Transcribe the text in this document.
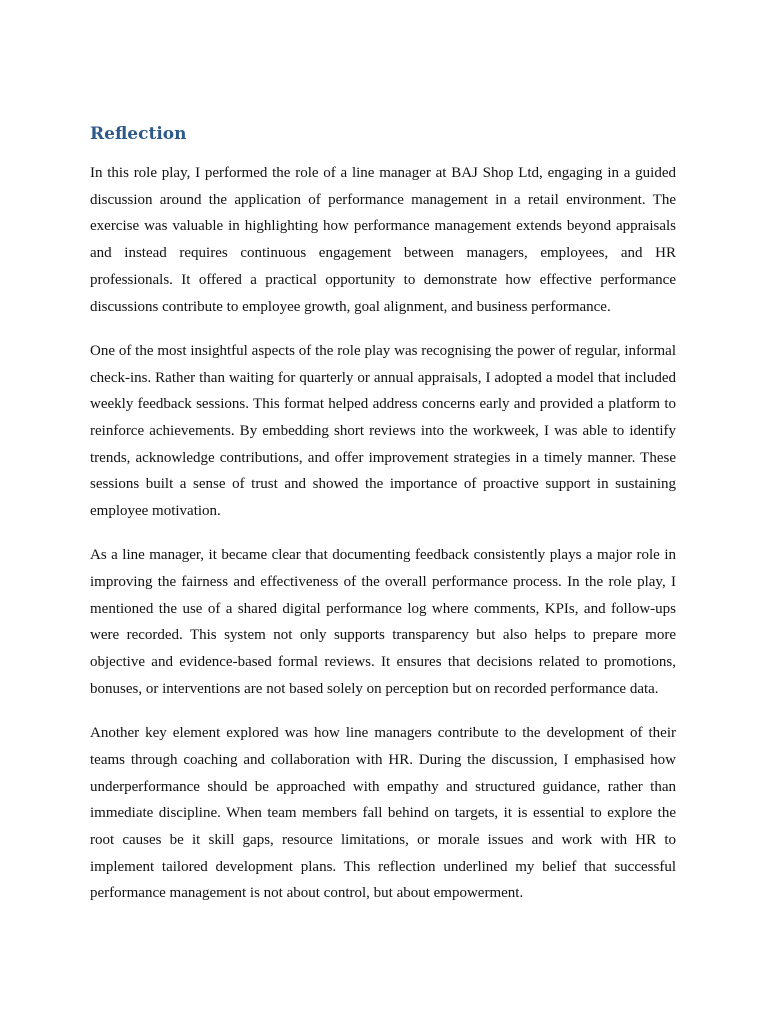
Reflection

In this role play, I performed the role of a line manager at BAJ Shop Ltd, engaging in a guided discussion around the application of performance management in a retail environment. The exercise was valuable in highlighting how performance management extends beyond appraisals and instead requires continuous engagement between managers, employees, and HR professionals. It offered a practical opportunity to demonstrate how effective performance discussions contribute to employee growth, goal alignment, and business performance.

One of the most insightful aspects of the role play was recognising the power of regular, informal check-ins. Rather than waiting for quarterly or annual appraisals, I adopted a model that included weekly feedback sessions. This format helped address concerns early and provided a platform to reinforce achievements. By embedding short reviews into the workweek, I was able to identify trends, acknowledge contributions, and offer improvement strategies in a timely manner. These sessions built a sense of trust and showed the importance of proactive support in sustaining employee motivation.

As a line manager, it became clear that documenting feedback consistently plays a major role in improving the fairness and effectiveness of the overall performance process. In the role play, I mentioned the use of a shared digital performance log where comments, KPIs, and follow-ups were recorded. This system not only supports transparency but also helps to prepare more objective and evidence-based formal reviews. It ensures that decisions related to promotions, bonuses, or interventions are not based solely on perception but on recorded performance data.

Another key element explored was how line managers contribute to the development of their teams through coaching and collaboration with HR. During the discussion, I emphasised how underperformance should be approached with empathy and structured guidance, rather than immediate discipline. When team members fall behind on targets, it is essential to explore the root causes be it skill gaps, resource limitations, or morale issues and work with HR to implement tailored development plans. This reflection underlined my belief that successful performance management is not about control, but about empowerment.
